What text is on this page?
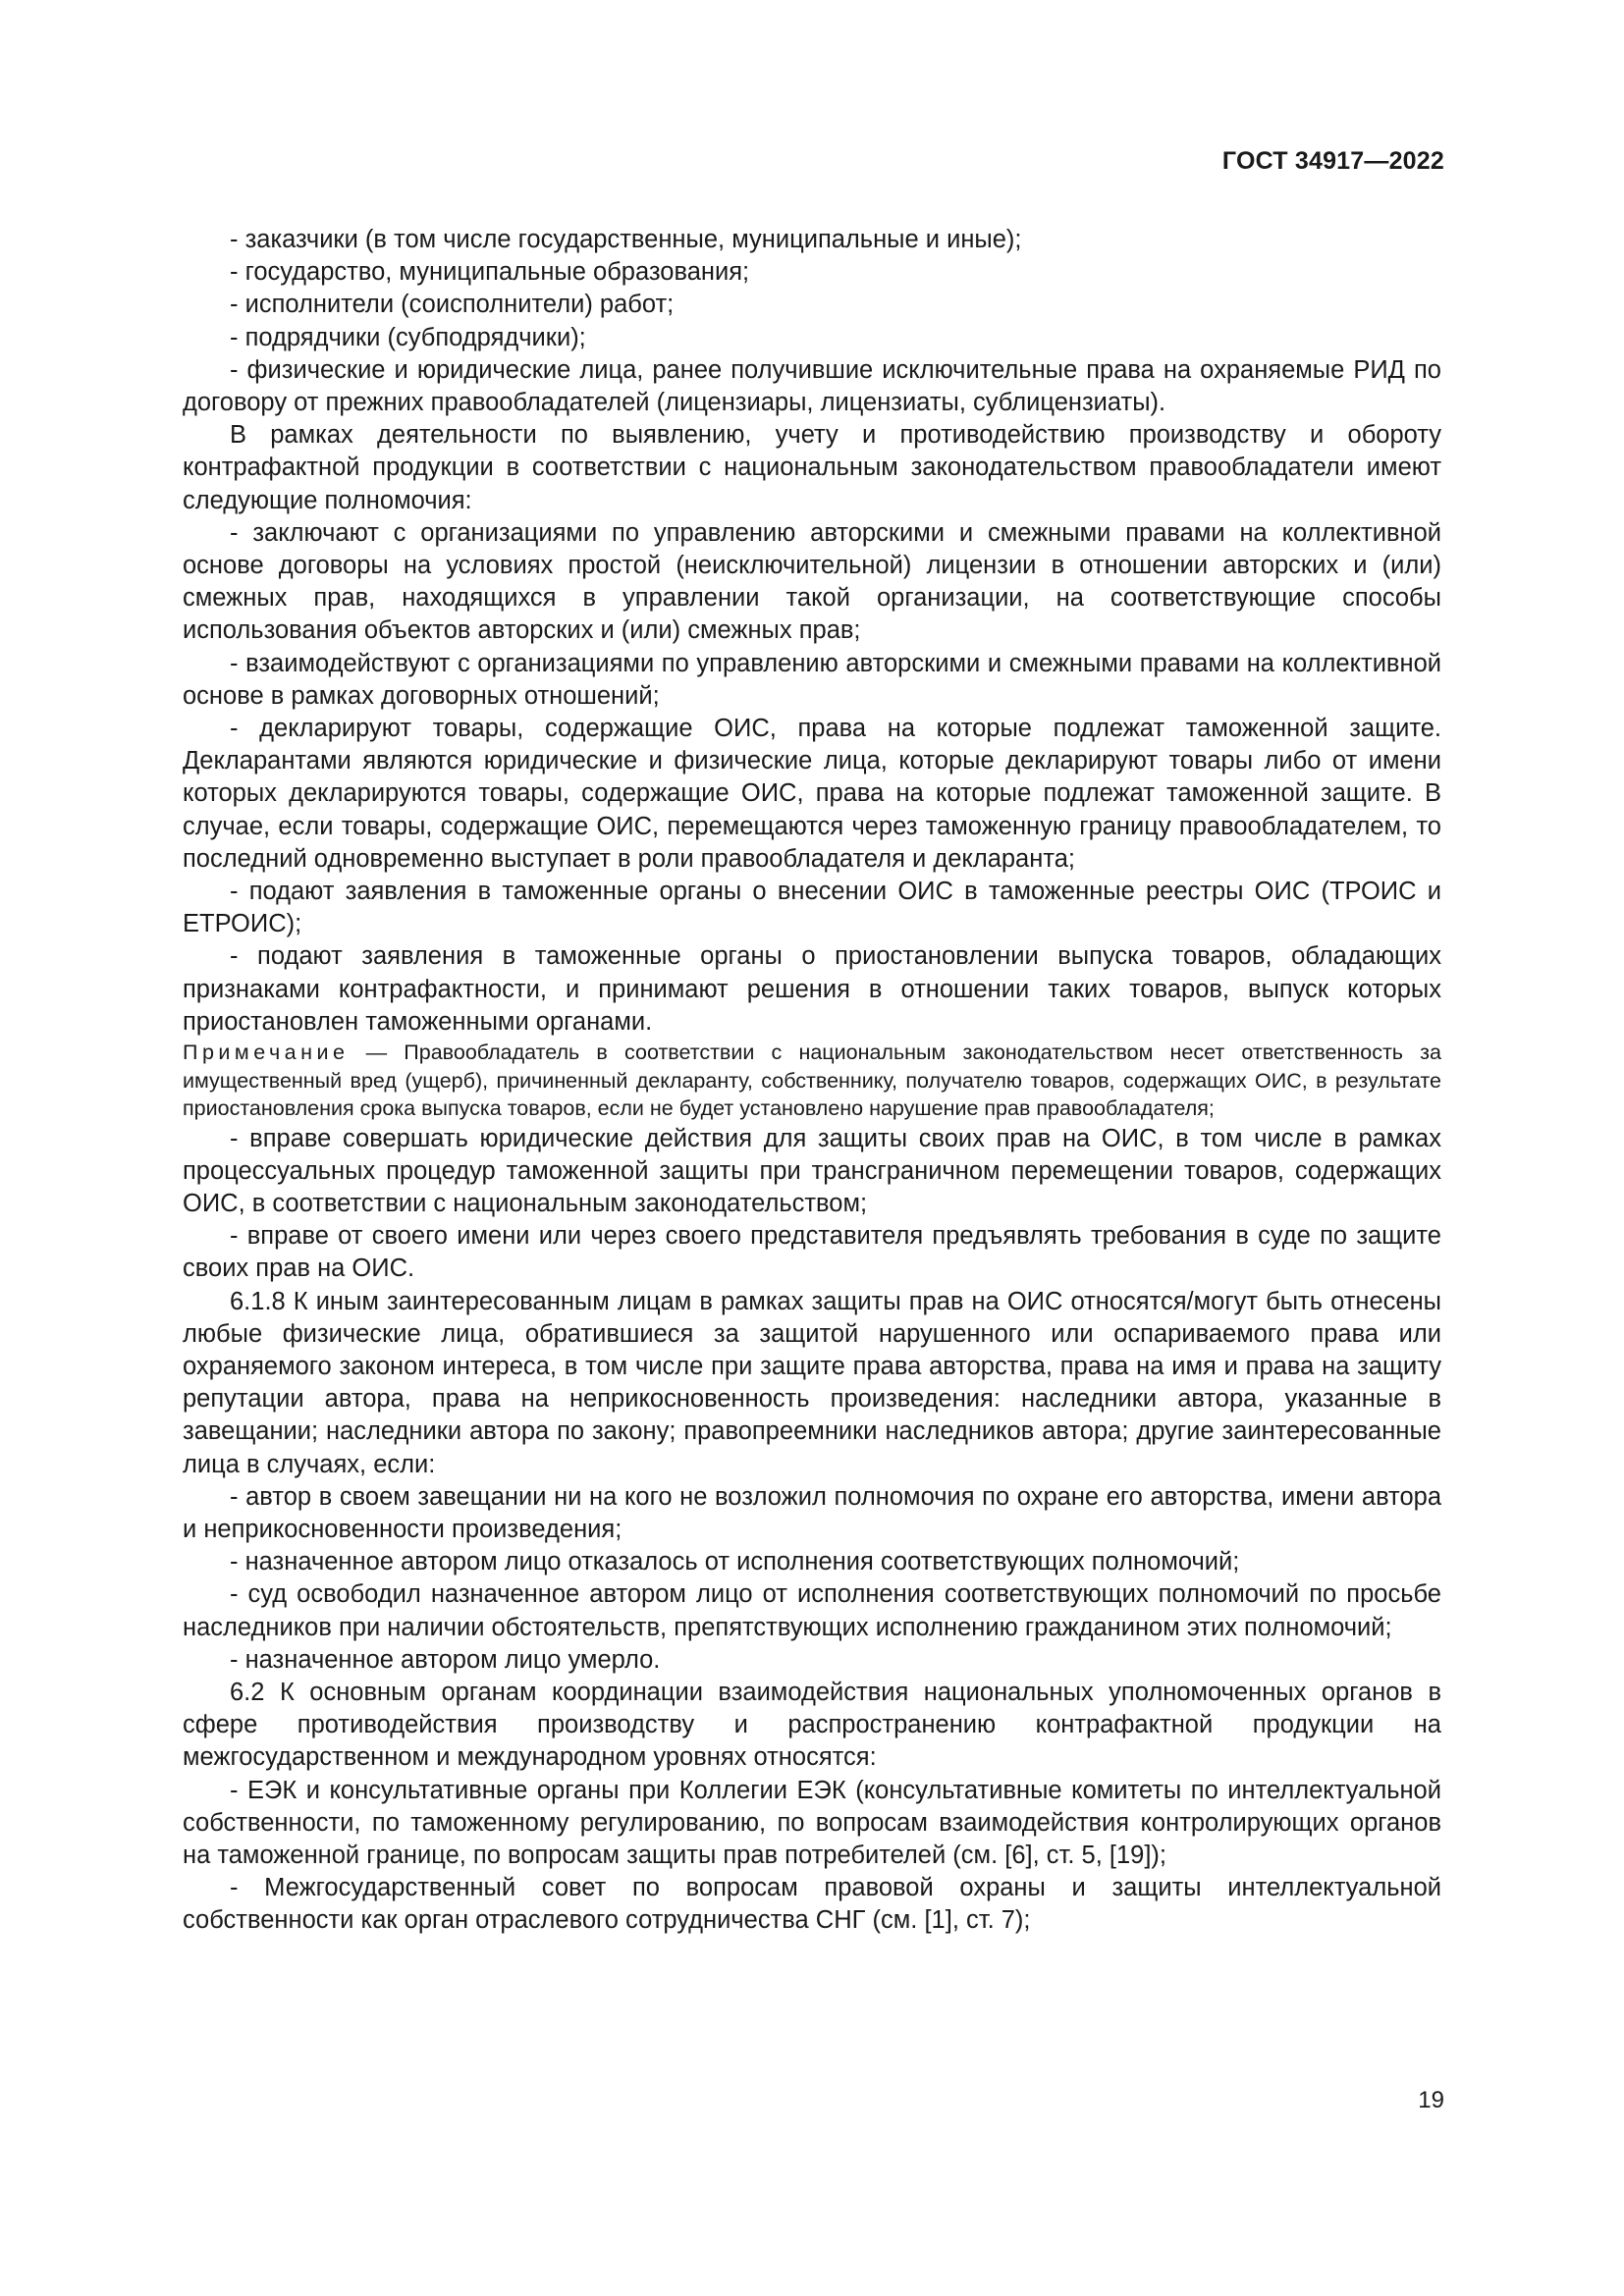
ГОСТ 34917—2022

- заказчики (в том числе государственные, муниципальные и иные);

- государство, муниципальные образования;

- исполнители (соисполнители) работ;

- подрядчики (субподрядчики);

- физические и юридические лица, ранее получившие исключительные права на охраняемые РИД по договору от прежних правообладателей (лицензиары, лицензиаты, сублицензиаты).

В рамках деятельности по выявлению, учету и противодействию производству и обороту контрафактной продукции в соответствии с национальным законодательством правообладатели имеют следующие полномочия:

- заключают с организациями по управлению авторскими и смежными правами на коллективной основе договоры на условиях простой (неисключительной) лицензии в отношении авторских и (или) смежных прав, находящихся в управлении такой организации, на соответствующие способы использования объектов авторских и (или) смежных прав;

- взаимодействуют с организациями по управлению авторскими и смежными правами на коллективной основе в рамках договорных отношений;

- декларируют товары, содержащие ОИС, права на которые подлежат таможенной защите. Декларантами являются юридические и физические лица, которые декларируют товары либо от имени которых декларируются товары, содержащие ОИС, права на которые подлежат таможенной защите. В случае, если товары, содержащие ОИС, перемещаются через таможенную границу правообладателем, то последний одновременно выступает в роли правообладателя и декларанта;

- подают заявления в таможенные органы о внесении ОИС в таможенные реестры ОИС (ТРОИС и ЕТРОИС);

- подают заявления в таможенные органы о приостановлении выпуска товаров, обладающих признаками контрафактности, и принимают решения в отношении таких товаров, выпуск которых приостановлен таможенными органами.

Примечание — Правообладатель в соответствии с национальным законодательством несет ответственность за имущественный вред (ущерб), причиненный декларанту, собственнику, получателю товаров, содержащих ОИС, в результате приостановления срока выпуска товаров, если не будет установлено нарушение прав правообладателя;

- вправе совершать юридические действия для защиты своих прав на ОИС, в том числе в рамках процессуальных процедур таможенной защиты при трансграничном перемещении товаров, содержащих ОИС, в соответствии с национальным законодательством;

- вправе от своего имени или через своего представителя предъявлять требования в суде по защите своих прав на ОИС.

6.1.8 К иным заинтересованным лицам в рамках защиты прав на ОИС относятся/могут быть отнесены любые физические лица, обратившиеся за защитой нарушенного или оспариваемого права или охраняемого законом интереса, в том числе при защите права авторства, права на имя и права на защиту репутации автора, права на неприкосновенность произведения: наследники автора, указанные в завещании; наследники автора по закону; правопреемники наследников автора; другие заинтересованные лица в случаях, если:

- автор в своем завещании ни на кого не возложил полномочия по охране его авторства, имени автора и неприкосновенности произведения;

- назначенное автором лицо отказалось от исполнения соответствующих полномочий;

- суд освободил назначенное автором лицо от исполнения соответствующих полномочий по просьбе наследников при наличии обстоятельств, препятствующих исполнению гражданином этих полномочий;

- назначенное автором лицо умерло.

6.2 К основным органам координации взаимодействия национальных уполномоченных органов в сфере противодействия производству и распространению контрафактной продукции на межгосударственном и международном уровнях относятся:

- ЕЭК и консультативные органы при Коллегии ЕЭК (консультативные комитеты по интеллектуальной собственности, по таможенному регулированию, по вопросам взаимодействия контролирующих органов на таможенной границе, по вопросам защиты прав потребителей (см. [6], ст. 5, [19]);

- Межгосударственный совет по вопросам правовой охраны и защиты интеллектуальной собственности как орган отраслевого сотрудничества СНГ (см. [1], ст. 7);

19
